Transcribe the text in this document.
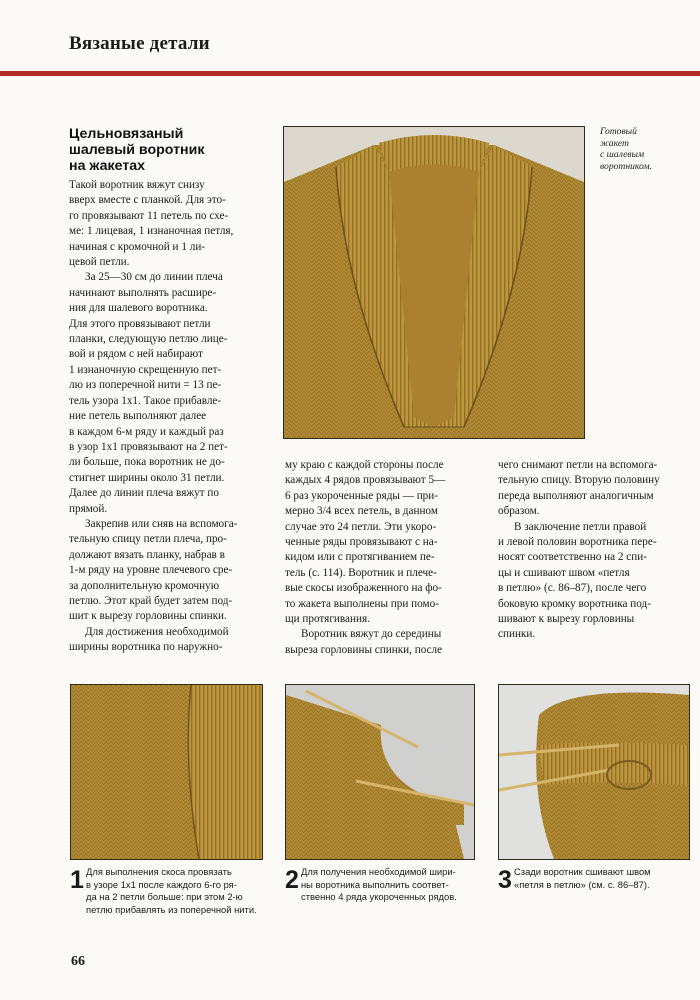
Вязаные детали
Цельновязаный
шалевый воротник
на жакетах

Такой воротник вяжут снизу

вверх вместе с планкой. Для это-

го провязывают 11 петель по схе-

ме: 1 лицевая, 1 изнаночная петля,

начиная с кромочной и 1 ли-

цевой петли.

За 25—30 см до линии плеча

начинают выполнять расшире-

ния для шалевого воротника.

Для этого провязывают петли

планки, следующую петлю лице-

вой и рядом с ней набирают

1 изнаночную скрещенную пет-

лю из поперечной нити = 13 пе-

тель узора 1x1. Такое прибавле-

ние петель выполняют далее

в каждом 6-м ряду и каждый раз

в узор 1x1 провязывают на 2 пет-

ли больше, пока воротник не до-

стигнет ширины около 31 петли.

Далее до линии плеча вяжут по

прямой.

Закрепив или сняв на вспомога-

тельную спицу петли плеча, про-

должают вязать планку, набрав в

1-м ряду на уровне плечевого сре-

за дополнительную кромочную

петлю. Этот край будет затем под-

шит к вырезу горловины спинки.

Для достижения необходимой

ширины воротника по наружно-

му краю с каждой стороны после

каждых 4 рядов провязывают 5—

6 раз укороченные ряды — при-

мерно 3/4 всех петель, в данном

случае это 24 петли. Эти укоро-

ченные ряды провязывают с на-

кидом или с протягиванием пе-

тель (с. 114). Воротник и плече-

вые скосы изображенного на фо-

то жакета выполнены при помо-

щи протягивания.

Воротник вяжут до середины

выреза горловины спинки, после

чего снимают петли на вспомога-

тельную спицу. Вторую половину

переда выполняют аналогичным

образом.

В заключение петли правой

и левой половин воротника пере-

носят соответственно на 2 спи-

цы и сшивают швом «петля

в петлю» (с. 86–87), после чего

боковую кромку воротника под-

шивают к вырезу горловины

спинки.

Готовый
жакет
с шалевым
воротником.
1 Для выполнения скоса провязать
в узоре 1x1 после каждого 6-го ря-
да на 2 петли больше: при этом 2-ю
петлю прибавлять из поперечной нити.
2 Для получения необходимой шири-
ны воротника выполнить соответ-
ственно 4 ряда укороченных рядов.
3 Сзади воротник сшивают швом
«петля в петлю» (см. с. 86–87).
66
